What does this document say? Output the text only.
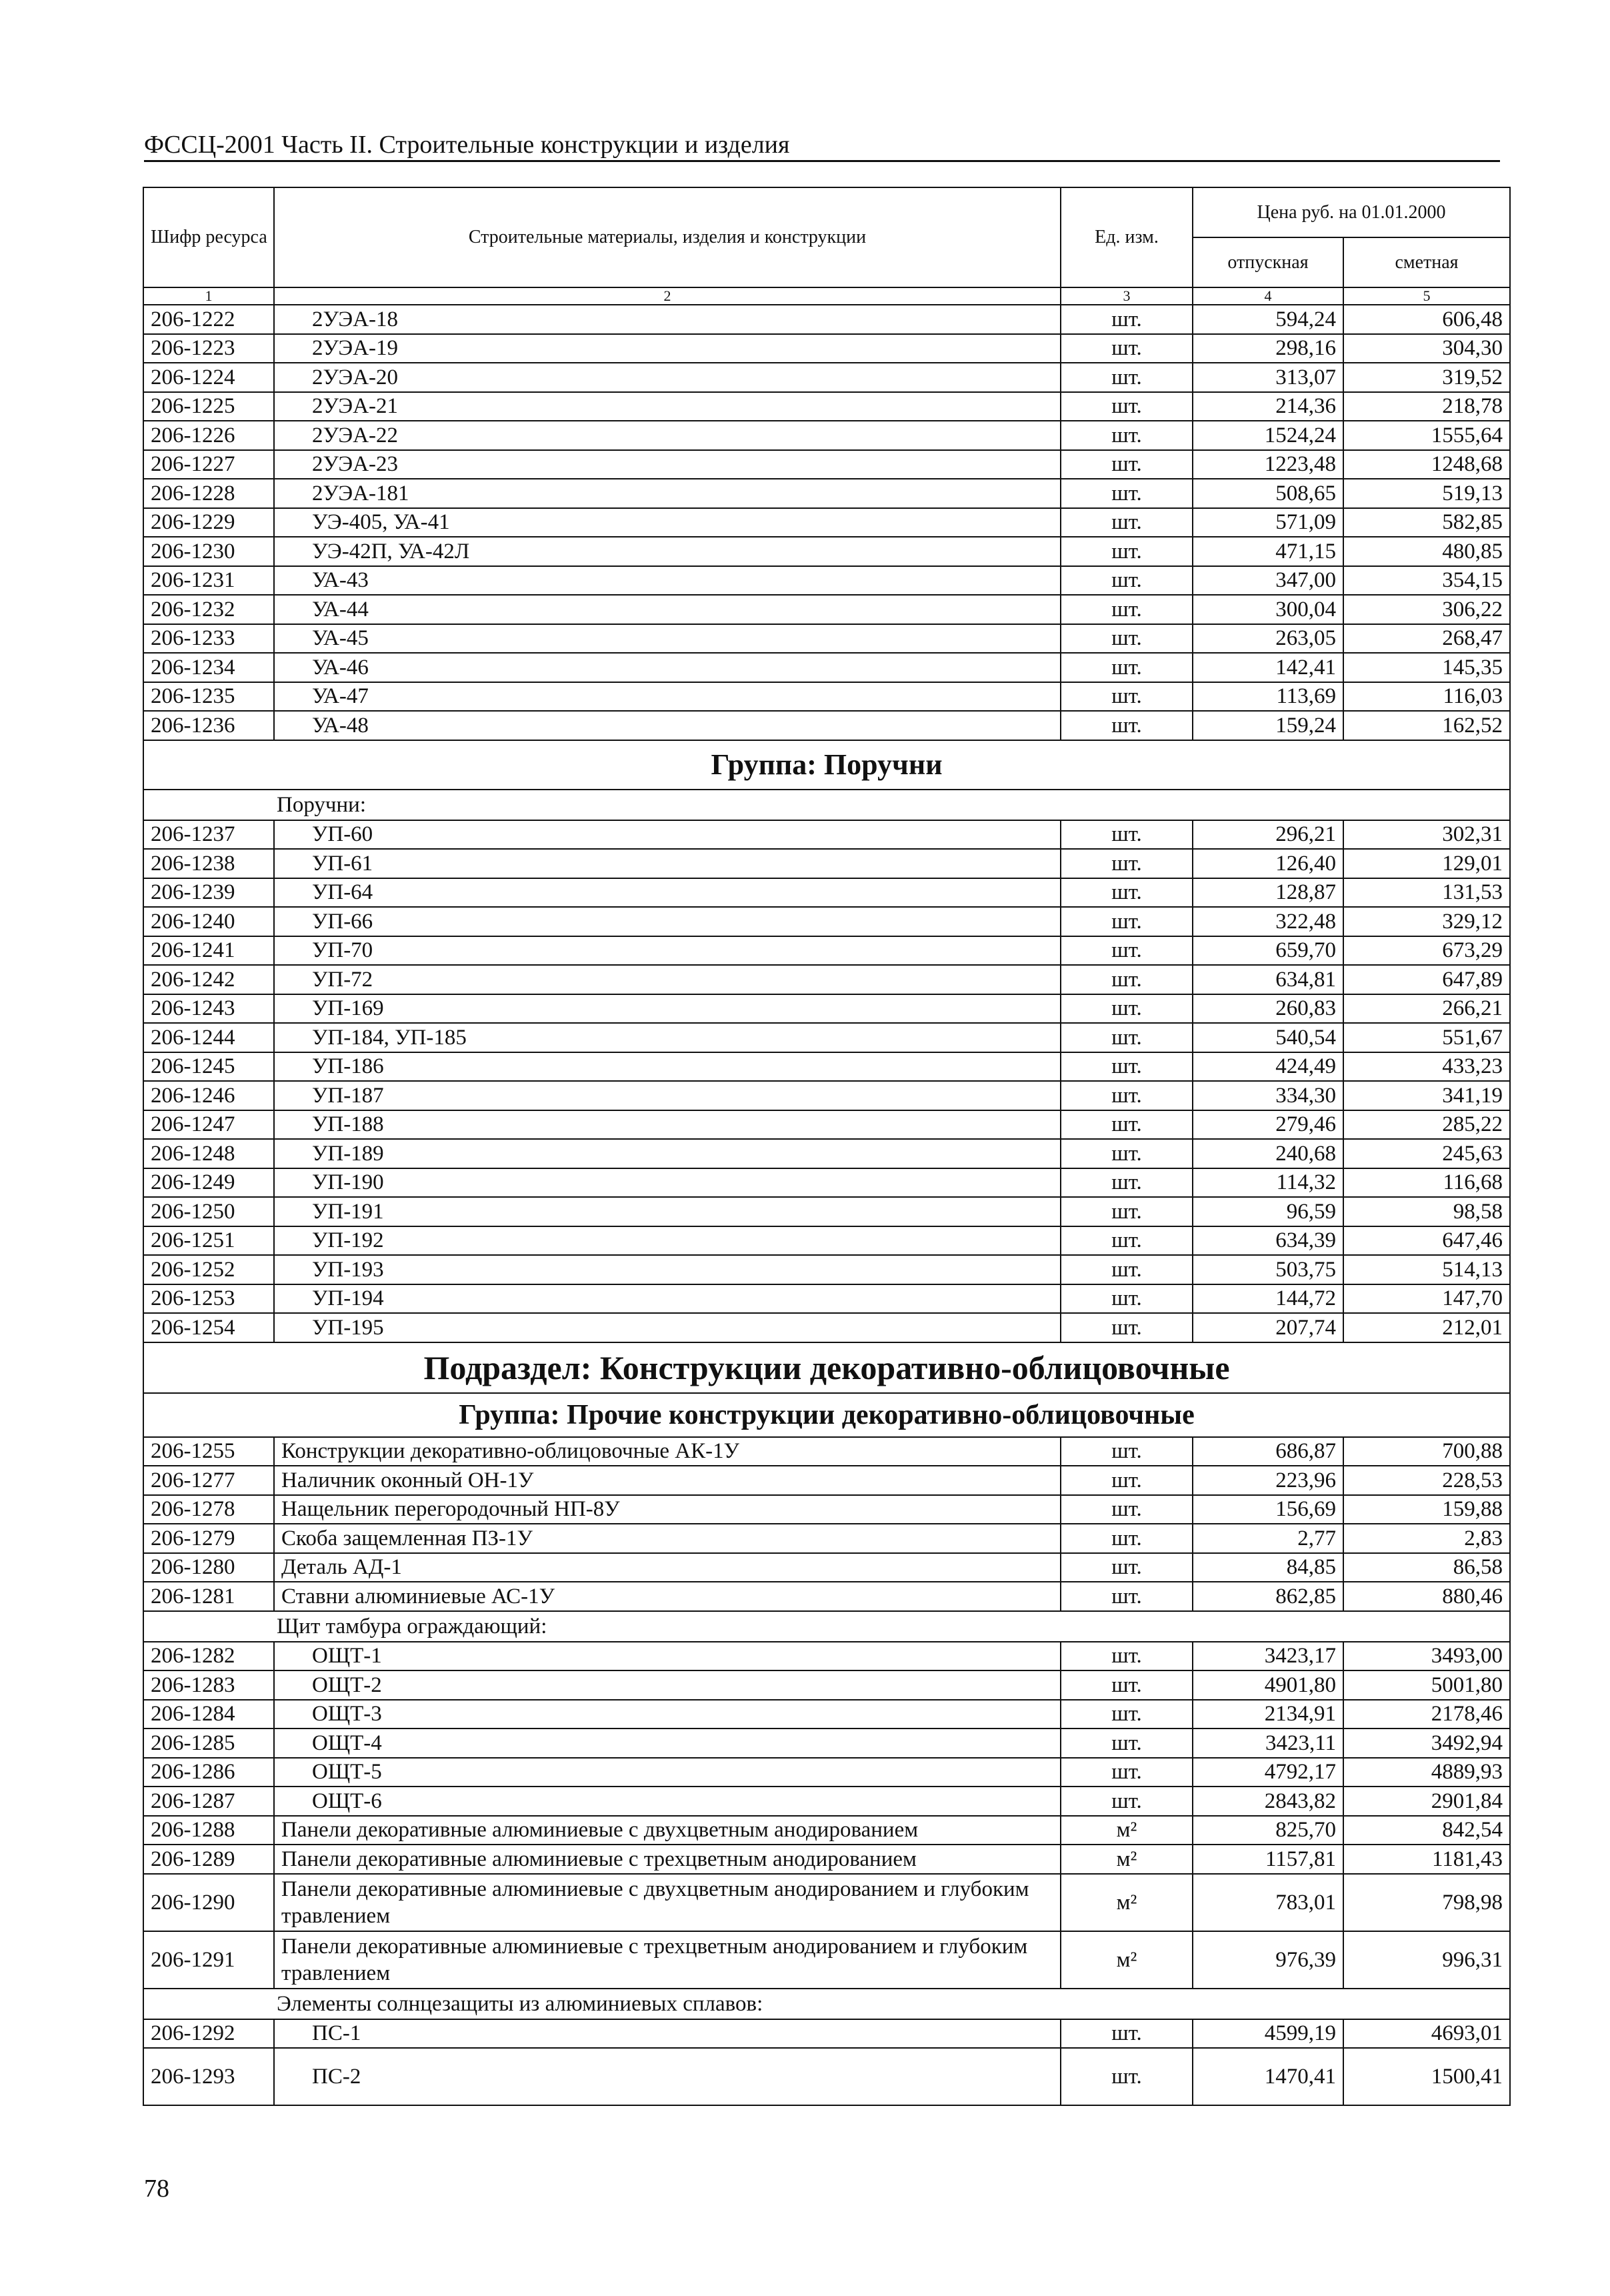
ФССЦ-2001 Часть II. Строительные конструкции и изделия
Шифр ресурса	Строительные материалы, изделия и конструкции	Ед. изм.	Цена руб. на 01.01.2000	
			отпускная	сметная
1	2	3	4	5
206-1222	2УЭА-18	шт.	594,24	606,48
206-1223	2УЭА-19	шт.	298,16	304,30
206-1224	2УЭА-20	шт.	313,07	319,52
206-1225	2УЭА-21	шт.	214,36	218,78
206-1226	2УЭА-22	шт.	1524,24	1555,64
206-1227	2УЭА-23	шт.	1223,48	1248,68
206-1228	2УЭА-181	шт.	508,65	519,13
206-1229	УЭ-405, УА-41	шт.	571,09	582,85
206-1230	УЭ-42П, УА-42Л	шт.	471,15	480,85
206-1231	УА-43	шт.	347,00	354,15
206-1232	УА-44	шт.	300,04	306,22
206-1233	УА-45	шт.	263,05	268,47
206-1234	УА-46	шт.	142,41	145,35
206-1235	УА-47	шт.	113,69	116,03
206-1236	УА-48	шт.	159,24	162,52
Группа: Поручни				
	Поручни:			
206-1237	УП-60	шт.	296,21	302,31
206-1238	УП-61	шт.	126,40	129,01
206-1239	УП-64	шт.	128,87	131,53
206-1240	УП-66	шт.	322,48	329,12
206-1241	УП-70	шт.	659,70	673,29
206-1242	УП-72	шт.	634,81	647,89
206-1243	УП-169	шт.	260,83	266,21
206-1244	УП-184, УП-185	шт.	540,54	551,67
206-1245	УП-186	шт.	424,49	433,23
206-1246	УП-187	шт.	334,30	341,19
206-1247	УП-188	шт.	279,46	285,22
206-1248	УП-189	шт.	240,68	245,63
206-1249	УП-190	шт.	114,32	116,68
206-1250	УП-191	шт.	96,59	98,58
206-1251	УП-192	шт.	634,39	647,46
206-1252	УП-193	шт.	503,75	514,13
206-1253	УП-194	шт.	144,72	147,70
206-1254	УП-195	шт.	207,74	212,01
Подраздел: Конструкции декоративно-облицовочные				
Группа: Прочие конструкции декоративно-облицовочные				
206-1255	Конструкции декоративно-облицовочные АК-1У	шт.	686,87	700,88
206-1277	Наличник оконный ОН-1У	шт.	223,96	228,53
206-1278	Нащельник перегородочный НП-8У	шт.	156,69	159,88
206-1279	Скоба защемленная ПЗ-1У	шт.	2,77	2,83
206-1280	Деталь АД-1	шт.	84,85	86,58
206-1281	Ставни алюминиевые АС-1У	шт.	862,85	880,46
	Щит тамбура ограждающий:			
206-1282	ОЩТ-1	шт.	3423,17	3493,00
206-1283	ОЩТ-2	шт.	4901,80	5001,80
206-1284	ОЩТ-3	шт.	2134,91	2178,46
206-1285	ОЩТ-4	шт.	3423,11	3492,94
206-1286	ОЩТ-5	шт.	4792,17	4889,93
206-1287	ОЩТ-6	шт.	2843,82	2901,84
206-1288	Панели декоративные алюминиевые с двухцветным анодированием	м²	825,70	842,54
206-1289	Панели декоративные алюминиевые с трехцветным анодированием	м²	1157,81	1181,43
206-1290	Панели декоративные алюминиевые с двухцветным анодированием и глубоким травлением	м²	783,01	798,98
206-1291	Панели декоративные алюминиевые с трехцветным анодированием и глубоким травлением	м²	976,39	996,31
	Элементы солнцезащиты из алюминиевых сплавов:			
206-1292	ПС-1	шт.	4599,19	4693,01
206-1293	ПС-2	шт.	1470,41	1500,41
78
